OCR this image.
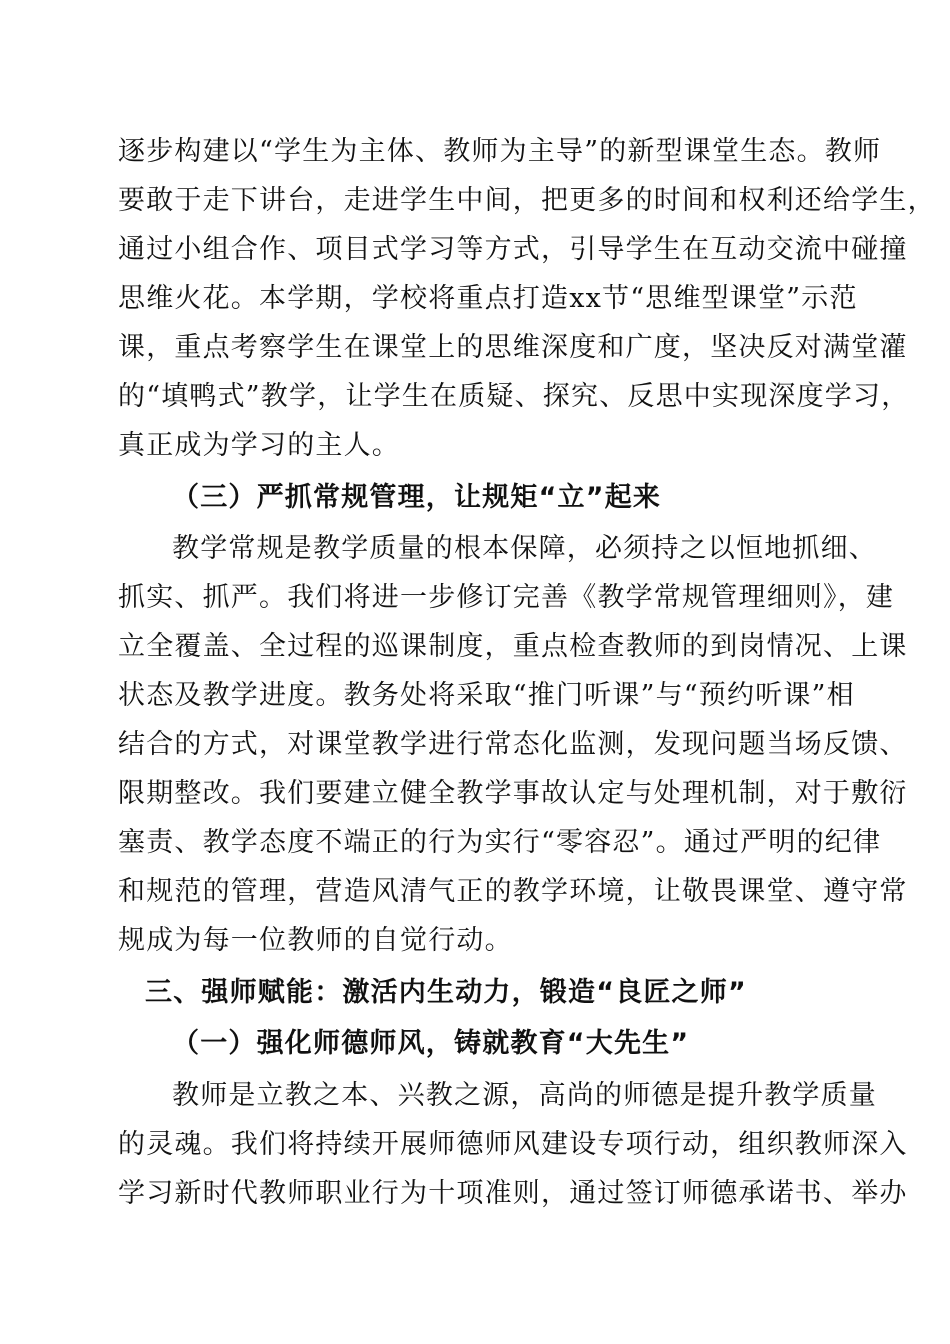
逐步构建以“学生为主体、教师为主导”的新型课堂生态。教师
要敢于走下讲台，走进学生中间，把更多的时间和权利还给学生，
通过小组合作、项目式学习等方式，引导学生在互动交流中碰撞
思维火花。本学期，学校将重点打造xx节“思维型课堂”示范
课，重点考察学生在课堂上的思维深度和广度，坚决反对满堂灌
的“填鸭式”教学，让学生在质疑、探究、反思中实现深度学习，
真正成为学习的主人。
（三）严抓常规管理，让规矩“立”起来
教学常规是教学质量的根本保障，必须持之以恒地抓细、
抓实、抓严。我们将进一步修订完善《教学常规管理细则》，建
立全覆盖、全过程的巡课制度，重点检查教师的到岗情况、上课
状态及教学进度。教务处将采取“推门听课”与“预约听课”相
结合的方式，对课堂教学进行常态化监测，发现问题当场反馈、
限期整改。我们要建立健全教学事故认定与处理机制，对于敷衍
塞责、教学态度不端正的行为实行“零容忍”。通过严明的纪律
和规范的管理，营造风清气正的教学环境，让敬畏课堂、遵守常
规成为每一位教师的自觉行动。
三、强师赋能：激活内生动力，锻造“良匠之师”
（一）强化师德师风，铸就教育“大先生”
教师是立教之本、兴教之源，高尚的师德是提升教学质量
的灵魂。我们将持续开展师德师风建设专项行动，组织教师深入
学习新时代教师职业行为十项准则，通过签订师德承诺书、举办
